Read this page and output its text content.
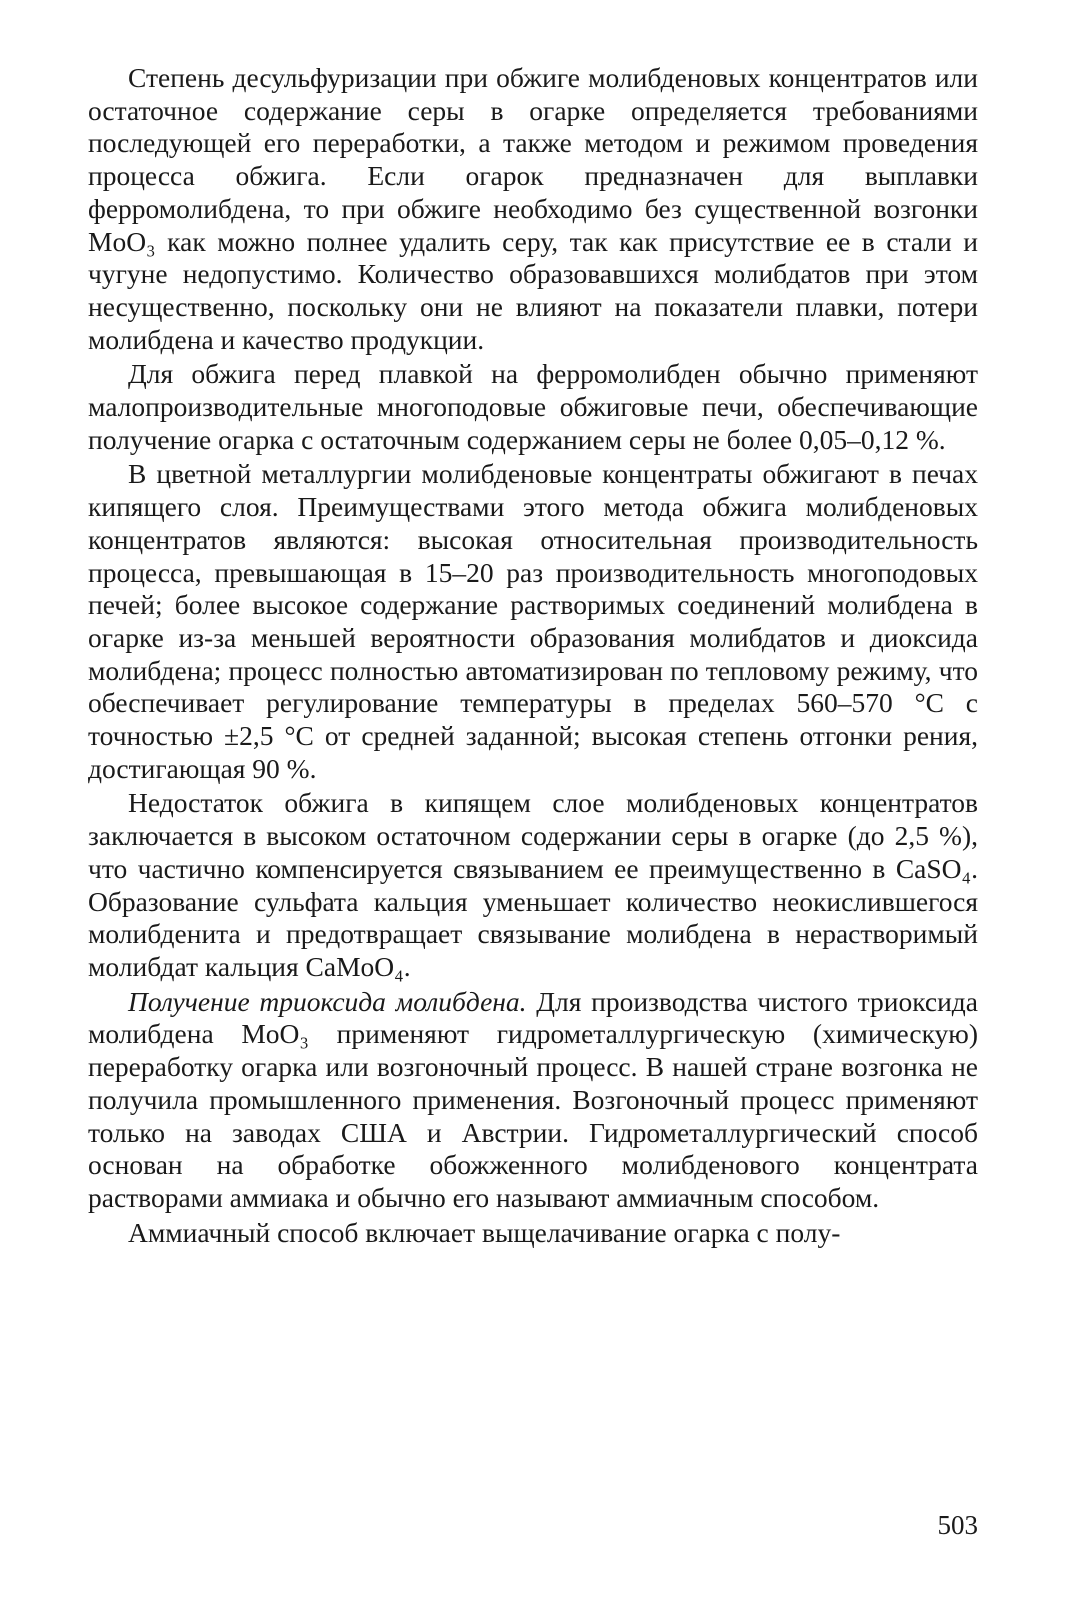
Степень десульфуризации при обжиге молибденовых концентратов или остаточное содержание серы в огарке определяется требованиями последующей его переработки, а также методом и режимом проведения процесса обжига. Если огарок предназначен для выплавки ферромолибдена, то при обжиге необходимо без существенной возгонки MoO₃ как можно полнее удалить серу, так как присутствие ее в стали и чугуне недопустимо. Количество образовавшихся молибдатов при этом несущественно, поскольку они не влияют на показатели плавки, потери молибдена и качество продукции.

Для обжига перед плавкой на ферромолибден обычно применяют малопроизводительные многоподовые обжиговые печи, обеспечивающие получение огарка с остаточным содержанием серы не более 0,05–0,12 %.

В цветной металлургии молибденовые концентраты обжигают в печах кипящего слоя. Преимуществами этого метода обжига молибденовых концентратов являются: высокая относительная производительность процесса, превышающая в 15–20 раз производительность многоподовых печей; более высокое содержание растворимых соединений молибдена в огарке из-за меньшей вероятности образования молибдатов и диоксида молибдена; процесс полностью автоматизирован по тепловому режиму, что обеспечивает регулирование температуры в пределах 560–570 °С с точностью ±2,5 °С от средней заданной; высокая степень отгонки рения, достигающая 90 %.

Недостаток обжига в кипящем слое молибденовых концентратов заключается в высоком остаточном содержании серы в огарке (до 2,5 %), что частично компенсируется связыванием ее преимущественно в CaSO₄. Образование сульфата кальция уменьшает количество неокислившегося молибденита и предотвращает связывание молибдена в нерастворимый молибдат кальция CaMoO₄.

Получение триоксида молибдена. Для производства чистого триоксида молибдена MoO₃ применяют гидрометаллургическую (химическую) переработку огарка или возгоночный процесс. В нашей стране возгонка не получила промышленного применения. Возгоночный процесс применяют только на заводах США и Австрии. Гидрометаллургический способ основан на обработке обожженного молибденового концентрата растворами аммиака и обычно его называют аммиачным способом.

Аммиачный способ включает выщелачивание огарка с полу-

503
